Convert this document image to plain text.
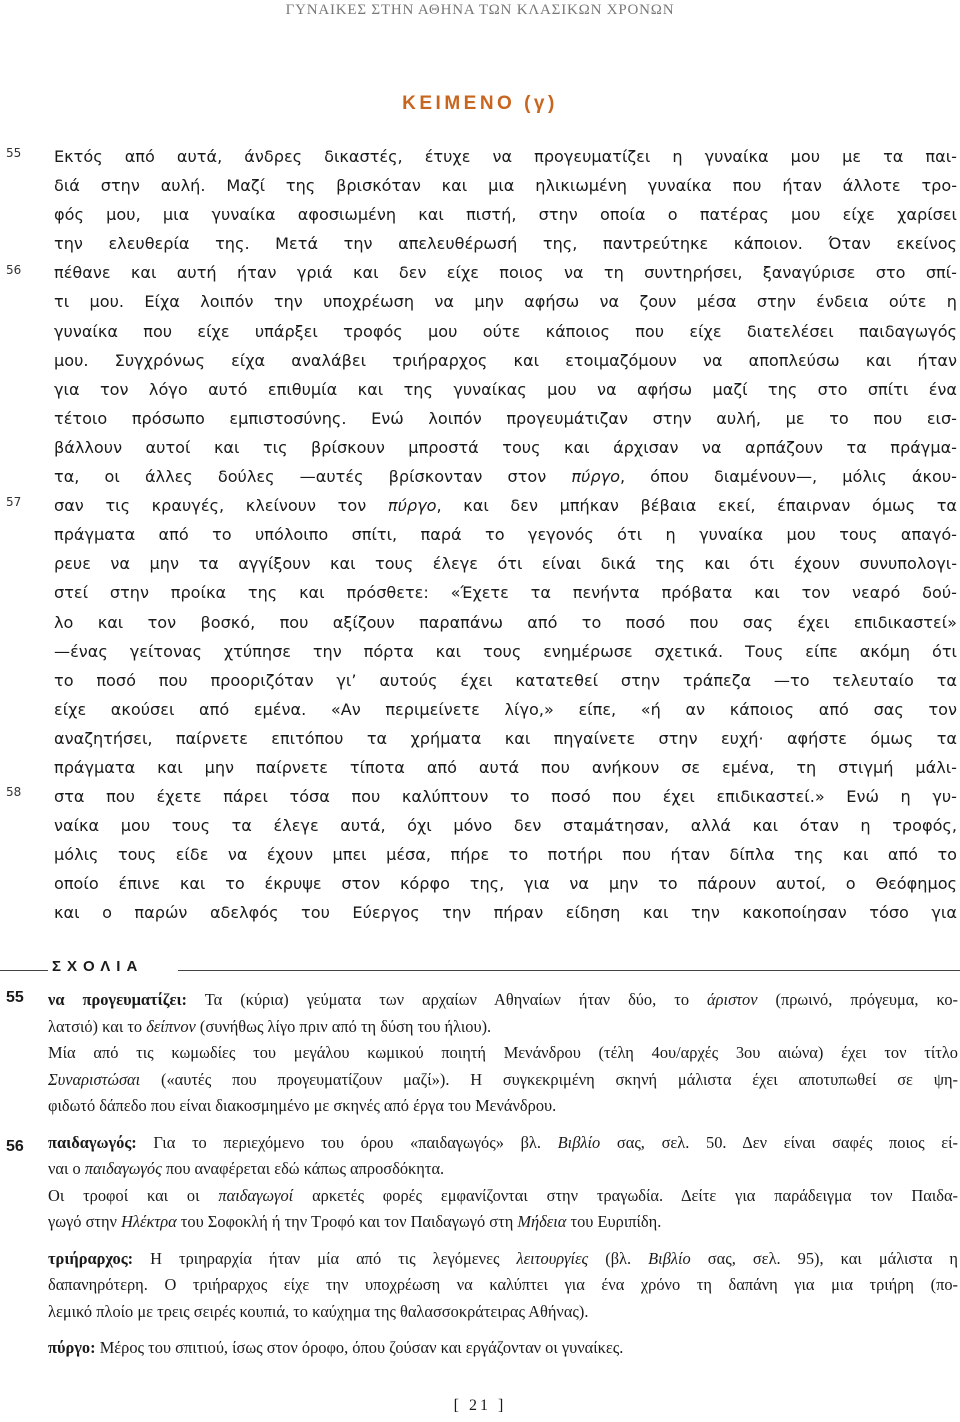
ΓΥΝΑΙΚΕΣ ΣΤΗΝ ΑΘΗΝΑ ΤΩΝ ΚΛΑΣΙΚΩΝ ΧΡΟΝΩΝ
ΚΕΙΜΕΝΟ (γ)
55
56
57
58
Εκτός από αυτά, άνδρες δικαστές, έτυχε να προγευματίζει η γυναίκα μου με τα παι-
διά στην αυλή. Μαζί της βρισκόταν και μια ηλικιωμένη γυναίκα που ήταν άλλοτε τρο-
φός μου, μια γυναίκα αφοσιωμένη και πιστή, στην οποία ο πατέρας μου είχε χαρίσει
την ελευθερία της. Μετά την απελευθέρωσή της, παντρεύτηκε κάποιον. Όταν εκείνος
πέθανε και αυτή ήταν γριά και δεν είχε ποιος να τη συντηρήσει, ξαναγύρισε στο σπί-
τι μου. Είχα λοιπόν την υποχρέωση να μην αφήσω να ζουν μέσα στην ένδεια ούτε η
γυναίκα που είχε υπάρξει τροφός μου ούτε κάποιος που είχε διατελέσει παιδαγωγός
μου. Συγχρόνως είχα αναλάβει τριήραρχος και ετοιμαζόμουν να αποπλεύσω και ήταν
για τον λόγο αυτό επιθυμία και της γυναίκας μου να αφήσω μαζί της στο σπίτι ένα
τέτοιο πρόσωπο εμπιστοσύνης. Ενώ λοιπόν προγευμάτιζαν στην αυλή, με το που εισ-
βάλλουν αυτοί και τις βρίσκουν μπροστά τους και άρχισαν να αρπάζουν τα πράγμα-
τα, οι άλλες δούλες —αυτές βρίσκονταν στον πύργο, όπου διαμένουν—, μόλις άκου-
σαν τις κραυγές, κλείνουν τον πύργο, και δεν μπήκαν βέβαια εκεί, έπαιρναν όμως τα
πράγματα από το υπόλοιπο σπίτι, παρά το γεγονός ότι η γυναίκα μου τους απαγό-
ρευε να μην τα αγγίξουν και τους έλεγε ότι είναι δικά της και ότι έχουν συνυπολογι-
στεί στην προίκα της και πρόσθετε: «Έχετε τα πενήντα πρόβατα και τον νεαρό δού-
λο και τον βοσκό, που αξίζουν παραπάνω από το ποσό που σας έχει επιδικαστεί»
—ένας γείτονας χτύπησε την πόρτα και τους ενημέρωσε σχετικά. Τους είπε ακόμη ότι
το ποσό που προοριζόταν γι’ αυτούς έχει κατατεθεί στην τράπεζα —το τελευταίο τα
είχε ακούσει από εμένα. «Αν περιμείνετε λίγο,» είπε, «ή αν κάποιος από σας τον
αναζητήσει, παίρνετε επιτόπου τα χρήματα και πηγαίνετε στην ευχή· αφήστε όμως τα
πράγματα και μην παίρνετε τίποτα από αυτά που ανήκουν σε εμένα, τη στιγμή μάλι-
στα που έχετε πάρει τόσα που καλύπτουν το ποσό που έχει επιδικαστεί.» Ενώ η γυ-
ναίκα μου τους τα έλεγε αυτά, όχι μόνο δεν σταμάτησαν, αλλά και όταν η τροφός,
μόλις τους είδε να έχουν μπει μέσα, πήρε το ποτήρι που ήταν δίπλα της και από το
οποίο έπινε και το έκρυψε στον κόρφο της, για να μην το πάρουν αυτοί, ο Θεόφημος
και ο παρών αδελφός του Εύεργος την πήραν είδηση και την κακοποίησαν τόσο για
ΣΧΟΛΙΑ
55
56
να προγευματίζει: Τα (κύρια) γεύματα των αρχαίων Αθηναίων ήταν δύο, το άριστον (πρωινό, πρόγευμα, κο-
λατσιό) και το δείπνον (συνήθως λίγο πριν από τη δύση του ήλιου).
Μία από τις κωμωδίες του μεγάλου κωμικού ποιητή Μενάνδρου (τέλη 4ου/αρχές 3ου αιώνα) έχει τον τίτλο
Συναριστώσαι («αυτές που προγευματίζουν μαζί»). Η συγκεκριμένη σκηνή μάλιστα έχει αποτυπωθεί σε ψη-
φιδωτό δάπεδο που είναι διακοσμημένο με σκηνές από έργα του Μενάνδρου.
παιδαγωγός: Για το περιεχόμενο του όρου «παιδαγωγός» βλ. Βιβλίο σας, σελ. 50. Δεν είναι σαφές ποιος εί-
ναι ο παιδαγωγός που αναφέρεται εδώ κάπως απροσδόκητα.
Οι τροφοί και οι παιδαγωγοί αρκετές φορές εμφανίζονται στην τραγωδία. Δείτε για παράδειγμα τον Παιδα-
γωγό στην Ηλέκτρα του Σοφοκλή ή την Τροφό και τον Παιδαγωγό στη Μήδεια του Ευριπίδη.
τριήραρχος: Η τριηραρχία ήταν μία από τις λεγόμενες λειτουργίες (βλ. Βιβλίο σας, σελ. 95), και μάλιστα η
δαπανηρότερη. Ο τριήραρχος είχε την υποχρέωση να καλύπτει για ένα χρόνο τη δαπάνη για μια τριήρη (πο-
λεμικό πλοίο με τρεις σειρές κουπιά, το καύχημα της θαλασσοκράτειρας Αθήνας).
πύργο: Μέρος του σπιτιού, ίσως στον όροφο, όπου ζούσαν και εργάζονταν οι γυναίκες.
[ 21 ]
